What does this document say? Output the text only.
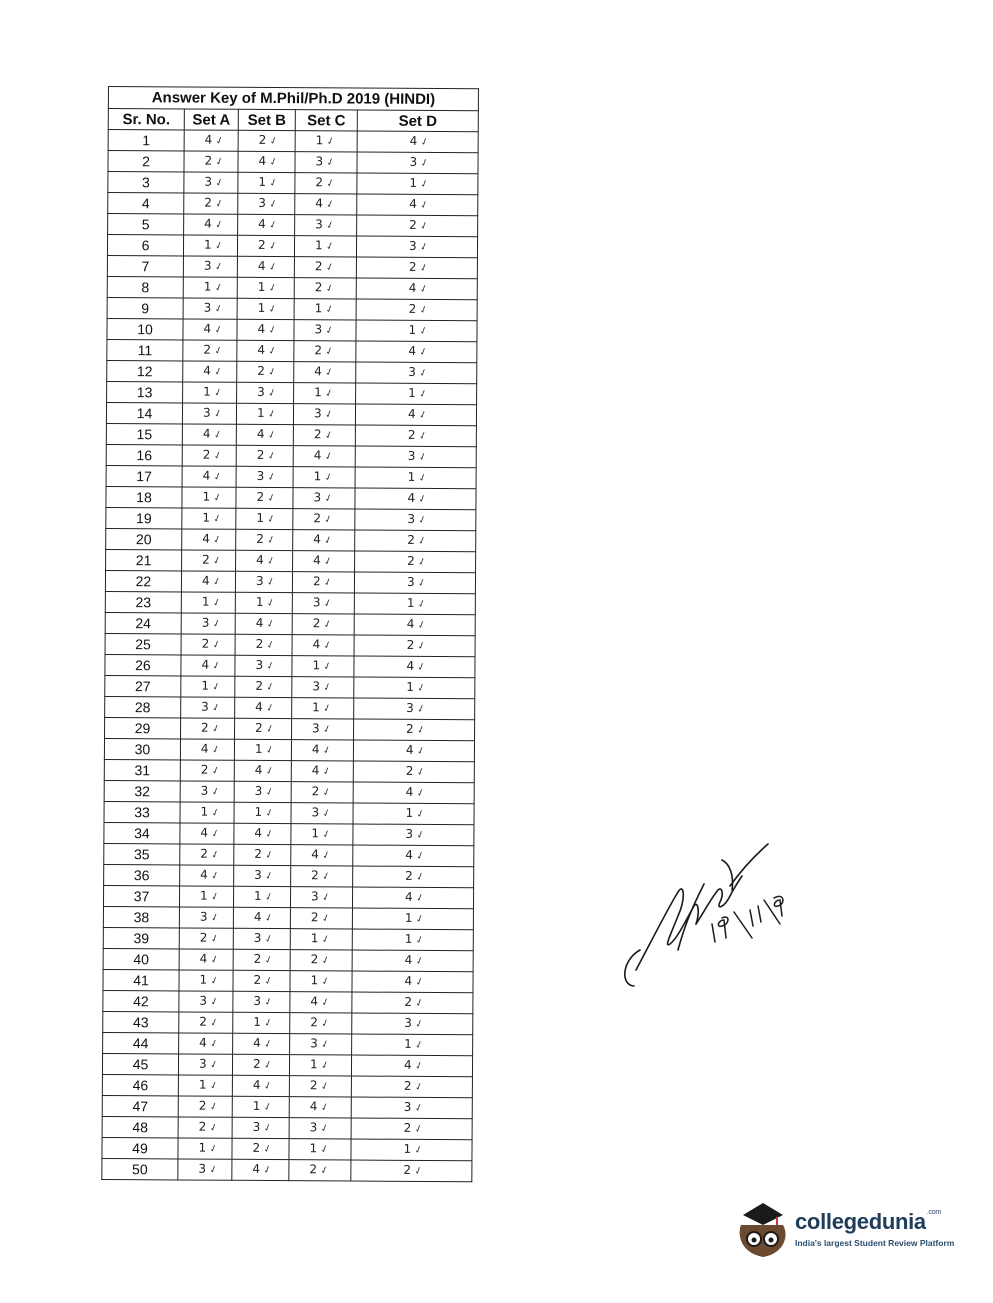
Answer Key of M.Phil/Ph.D 2019 (HINDI)				
Sr. No.	Set A	Set B	Set C	Set D
1	4✓	2✓	1✓	4✓
2	2✓	4✓	3✓	3✓
3	3✓	1✓	2✓	1✓
4	2✓	3✓	4✓	4✓
5	4✓	4✓	3✓	2✓
6	1✓	2✓	1✓	3✓
7	3✓	4✓	2✓	2✓
8	1✓	1✓	2✓	4✓
9	3✓	1✓	1✓	2✓
10	4✓	4✓	3✓	1✓
11	2✓	4✓	2✓	4✓
12	4✓	2✓	4✓	3✓
13	1✓	3✓	1✓	1✓
14	3✓	1✓	3✓	4✓
15	4✓	4✓	2✓	2✓
16	2✓	2✓	4✓	3✓
17	4✓	3✓	1✓	1✓
18	1✓	2✓	3✓	4✓
19	1✓	1✓	2✓	3✓
20	4✓	2✓	4✓	2✓
21	2✓	4✓	4✓	2✓
22	4✓	3✓	2✓	3✓
23	1✓	1✓	3✓	1✓
24	3✓	4✓	2✓	4✓
25	2✓	2✓	4✓	2✓
26	4✓	3✓	1✓	4✓
27	1✓	2✓	3✓	1✓
28	3✓	4✓	1✓	3✓
29	2✓	2✓	3✓	2✓
30	4✓	1✓	4✓	4✓
31	2✓	4✓	4✓	2✓
32	3✓	3✓	2✓	4✓
33	1✓	1✓	3✓	1✓
34	4✓	4✓	1✓	3✓
35	2✓	2✓	4✓	4✓
36	4✓	3✓	2✓	2✓
37	1✓	1✓	3✓	4✓
38	3✓	4✓	2✓	1✓
39	2✓	3✓	1✓	1✓
40	4✓	2✓	2✓	4✓
41	1✓	2✓	1✓	4✓
42	3✓	3✓	4✓	2✓
43	2✓	1✓	2✓	3✓
44	4✓	4✓	3✓	1✓
45	3✓	2✓	1✓	4✓
46	1✓	4✓	2✓	2✓
47	2✓	1✓	4✓	3✓
48	2✓	3✓	3✓	2✓
49	1✓	2✓	1✓	1✓
50	3✓	4✓	2✓	2✓
collegedunia$^{.com}$
India's largest Student Review Platform
